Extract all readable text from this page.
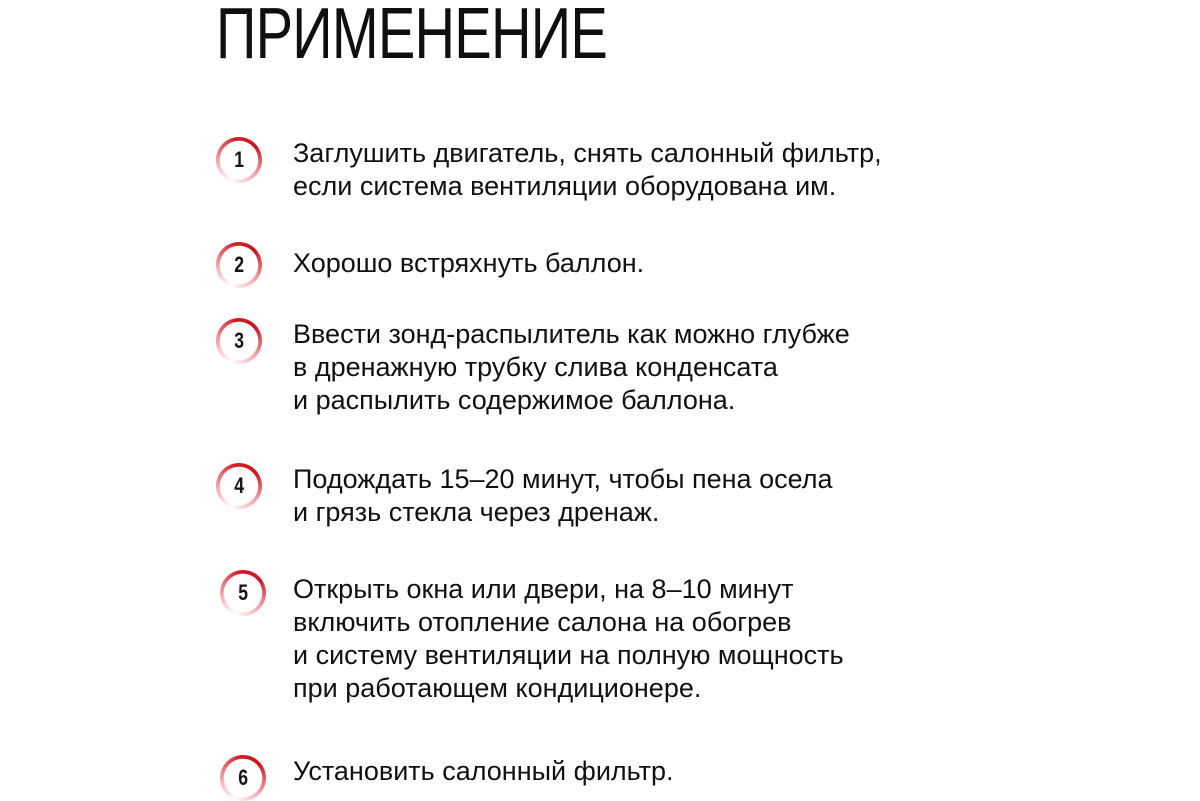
ПРИМЕНЕНИЕ
1 Заглушить двигатель, снять салонный фильтр,
если система вентиляции оборудована им.

2 Хорошо встряхнуть баллон.

3 Ввести зонд-распылитель как можно глубже
в дренажную трубку слива конденсата
и распылить содержимое баллона.

4 Подождать 15–20 минут, чтобы пена осела
и грязь стекла через дренаж.

5 Открыть окна или двери, на 8–10 минут
включить отопление салона на обогрев
и систему вентиляции на полную мощность
при работающем кондиционере.

6 Установить салонный фильтр.
